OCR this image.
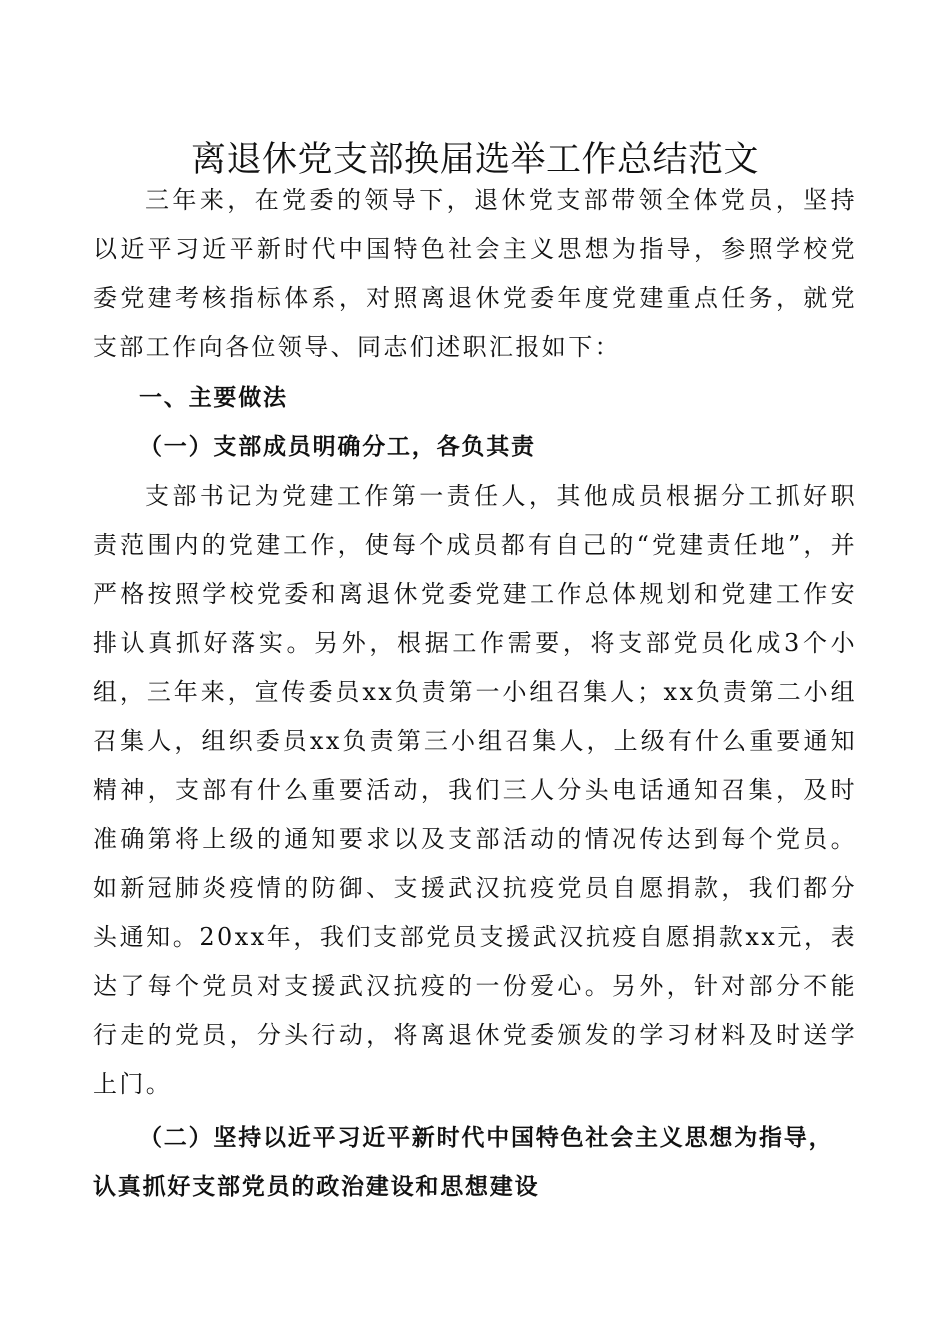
离退休党支部换届选举工作总结范文

三年来，在党委的领导下，退休党支部带领全体党员，坚持以近平习近平新时代中国特色社会主义思想为指导，参照学校党委党建考核指标体系，对照离退休党委年度党建重点任务，就党支部工作向各位领导、同志们述职汇报如下：

一、主要做法

（一）支部成员明确分工，各负其责

支部书记为党建工作第一责任人，其他成员根据分工抓好职责范围内的党建工作，使每个成员都有自己的“党建责任地”，并严格按照学校党委和离退休党委党建工作总体规划和党建工作安排认真抓好落实。另外，根据工作需要，将支部党员化成3个小组，三年来，宣传委员xx负责第一小组召集人；xx负责第二小组召集人，组织委员xx负责第三小组召集人，上级有什么重要通知精神，支部有什么重要活动，我们三人分头电话通知召集，及时准确第将上级的通知要求以及支部活动的情况传达到每个党员。如新冠肺炎疫情的防御、支援武汉抗疫党员自愿捐款，我们都分头通知。20xx年，我们支部党员支援武汉抗疫自愿捐款xx元，表达了每个党员对支援武汉抗疫的一份爱心。另外，针对部分不能行走的党员，分头行动，将离退休党委颁发的学习材料及时送学上门。

（二）坚持以近平习近平新时代中国特色社会主义思想为指导，认真抓好支部党员的政治建设和思想建设
